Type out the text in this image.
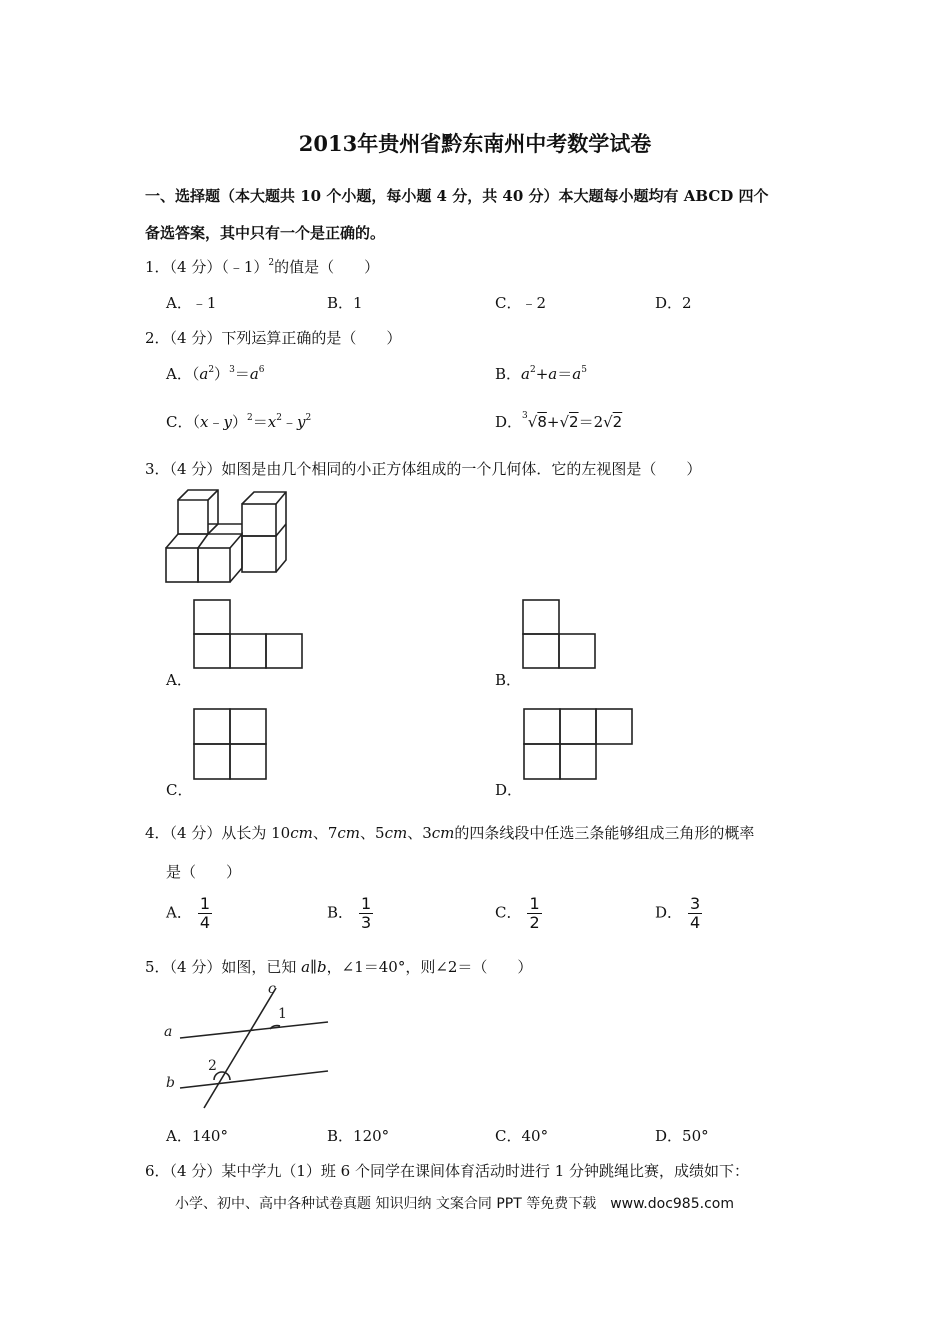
2013年贵州省黔东南州中考数学试卷
一、选择题（本大题共 10 个小题，每小题 4 分，共 40 分）本大题每小题均有 ABCD 四个
备选答案，其中只有一个是正确的。
1．（4 分）（﹣1）$^2$的值是（　　）
A．﹣1	B．1	C．﹣2	D．2
2．（4 分）下列运算正确的是（　　）
A．$(a^2)^3=a^6$	B．$a^2+a=a^5$
C．$(x﹣y)^2=x^2﹣y^2$	D．$^3$√8+√2＝2√2
3．（4 分）如图是由几个相同的小正方体组成的一个几何体．它的左视图是（　　）
A．	B．
C．	D．
4．（4 分）从长为 10cm、7cm、5cm、3cm的四条线段中任选三条能够组成三角形的概率
是（　　）
A． $\frac{1}{4}$	B． $\frac{1}{3}$	C． $\frac{1}{2}$	D． $\frac{3}{4}$
5．（4 分）如图，已知 a∥b，∠1＝40°，则∠2＝（　　）
c
a
b
1
2
A．140°	B．120°	C．40°	D．50°
6．（4 分）某中学九（1）班 6 个同学在课间体育活动时进行 1 分钟跳绳比赛，成绩如下：
小学、初中、高中各种试卷真题 知识归纳 文案合同 PPT 等免费下载　www.doc985.com
